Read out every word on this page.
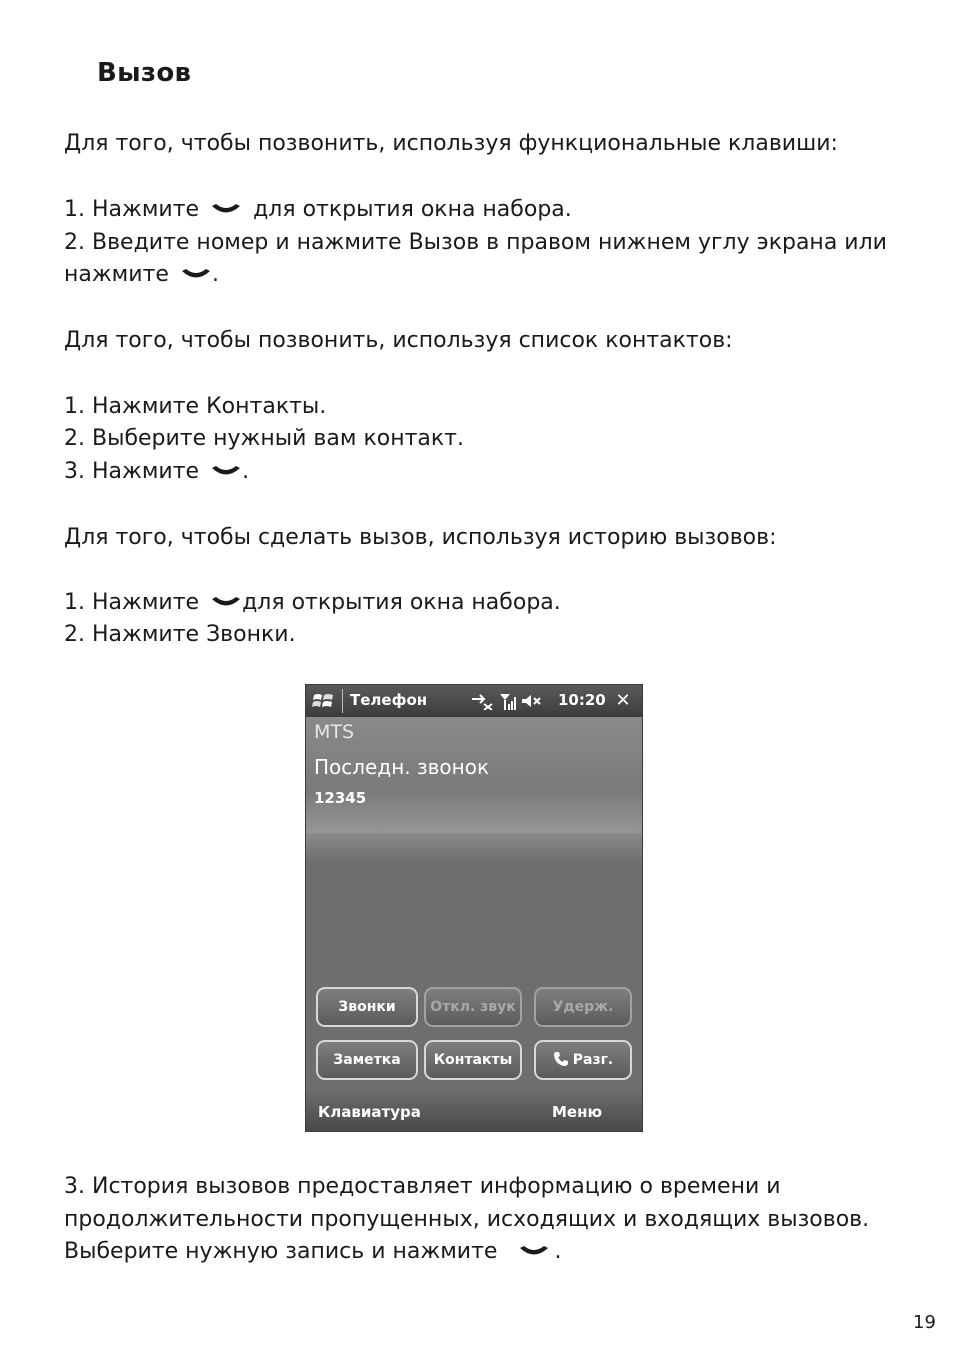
Вызов
Для того, чтобы позвонить, используя функциональные клавиши:
1. Нажмите для открытия окна набора.
2. Введите номер и нажмите Вызов в правом нижнем углу экрана или
нажмите .
Для того, чтобы позвонить, используя список контактов:
1. Нажмите Контакты.
2. Выберите нужный вам контакт.
3. Нажмите .
Для того, чтобы сделать вызов, используя историю вызовов:
1. Нажмите для открытия окна набора.
2. Нажмите Звонки.
Телефон	10:20 ✕
MTS
Последн. звонок
12345
Звонки	Откл. звук	Удерж.
Заметка	Контакты	Разг.
Клавиатура	Меню
3. История вызовов предоставляет информацию о времени и
продолжительности пропущенных, исходящих и входящих вызовов.
Выберите нужную запись и нажмите	.
19
